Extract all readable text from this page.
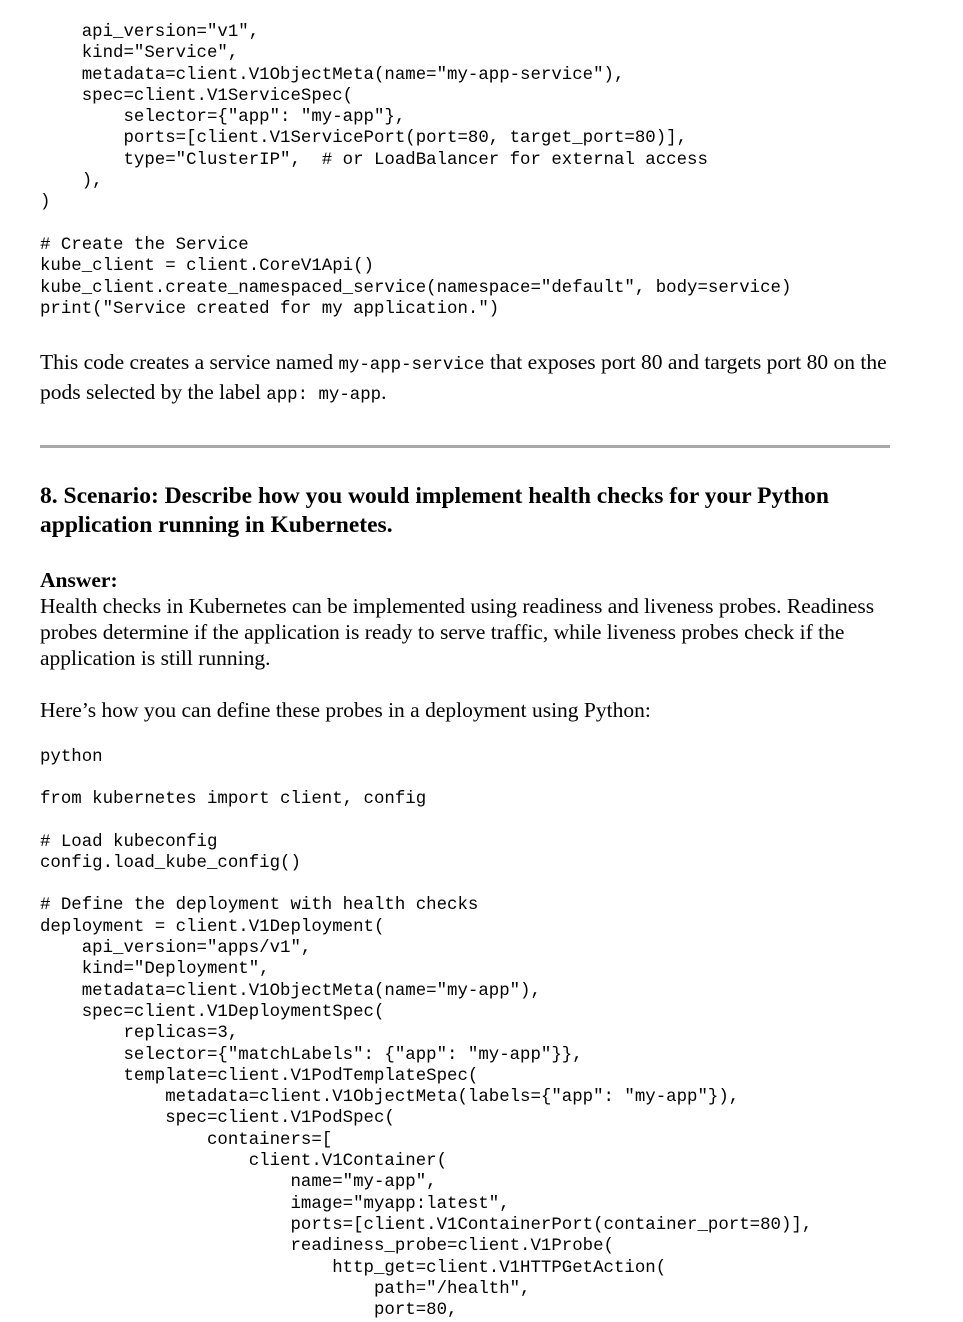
api_version="v1",
kind="Service",
metadata=client.V1ObjectMeta(name="my-app-service"),
spec=client.V1ServiceSpec(
selector={"app": "my-app"},
ports=[client.V1ServicePort(port=80, target_port=80)],
type="ClusterIP",  # or LoadBalancer for external access
),
)

# Create the Service
kube_client = client.CoreV1Api()
kube_client.create_namespaced_service(namespace="default", body=service)
print("Service created for my application.")

This code creates a service named my-app-service that exposes port 80 and targets port 80 on the pods selected by the label app: my-app.

8. Scenario: Describe how you would implement health checks for your Python application running in Kubernetes.

Answer:

Health checks in Kubernetes can be implemented using readiness and liveness probes. Readiness probes determine if the application is ready to serve traffic, while liveness probes check if the application is still running.

Here’s how you can define these probes in a deployment using Python:

python
from kubernetes import client, config

# Load kubeconfig
config.load_kube_config()

# Define the deployment with health checks
deployment = client.V1Deployment(
api_version="apps/v1",
kind="Deployment",
metadata=client.V1ObjectMeta(name="my-app"),
spec=client.V1DeploymentSpec(
replicas=3,
selector={"matchLabels": {"app": "my-app"}},
template=client.V1PodTemplateSpec(
metadata=client.V1ObjectMeta(labels={"app": "my-app"}),
spec=client.V1PodSpec(
containers=[
client.V1Container(
name="my-app",
image="myapp:latest",
ports=[client.V1ContainerPort(container_port=80)],
readiness_probe=client.V1Probe(
http_get=client.V1HTTPGetAction(
path="/health",
port=80,
